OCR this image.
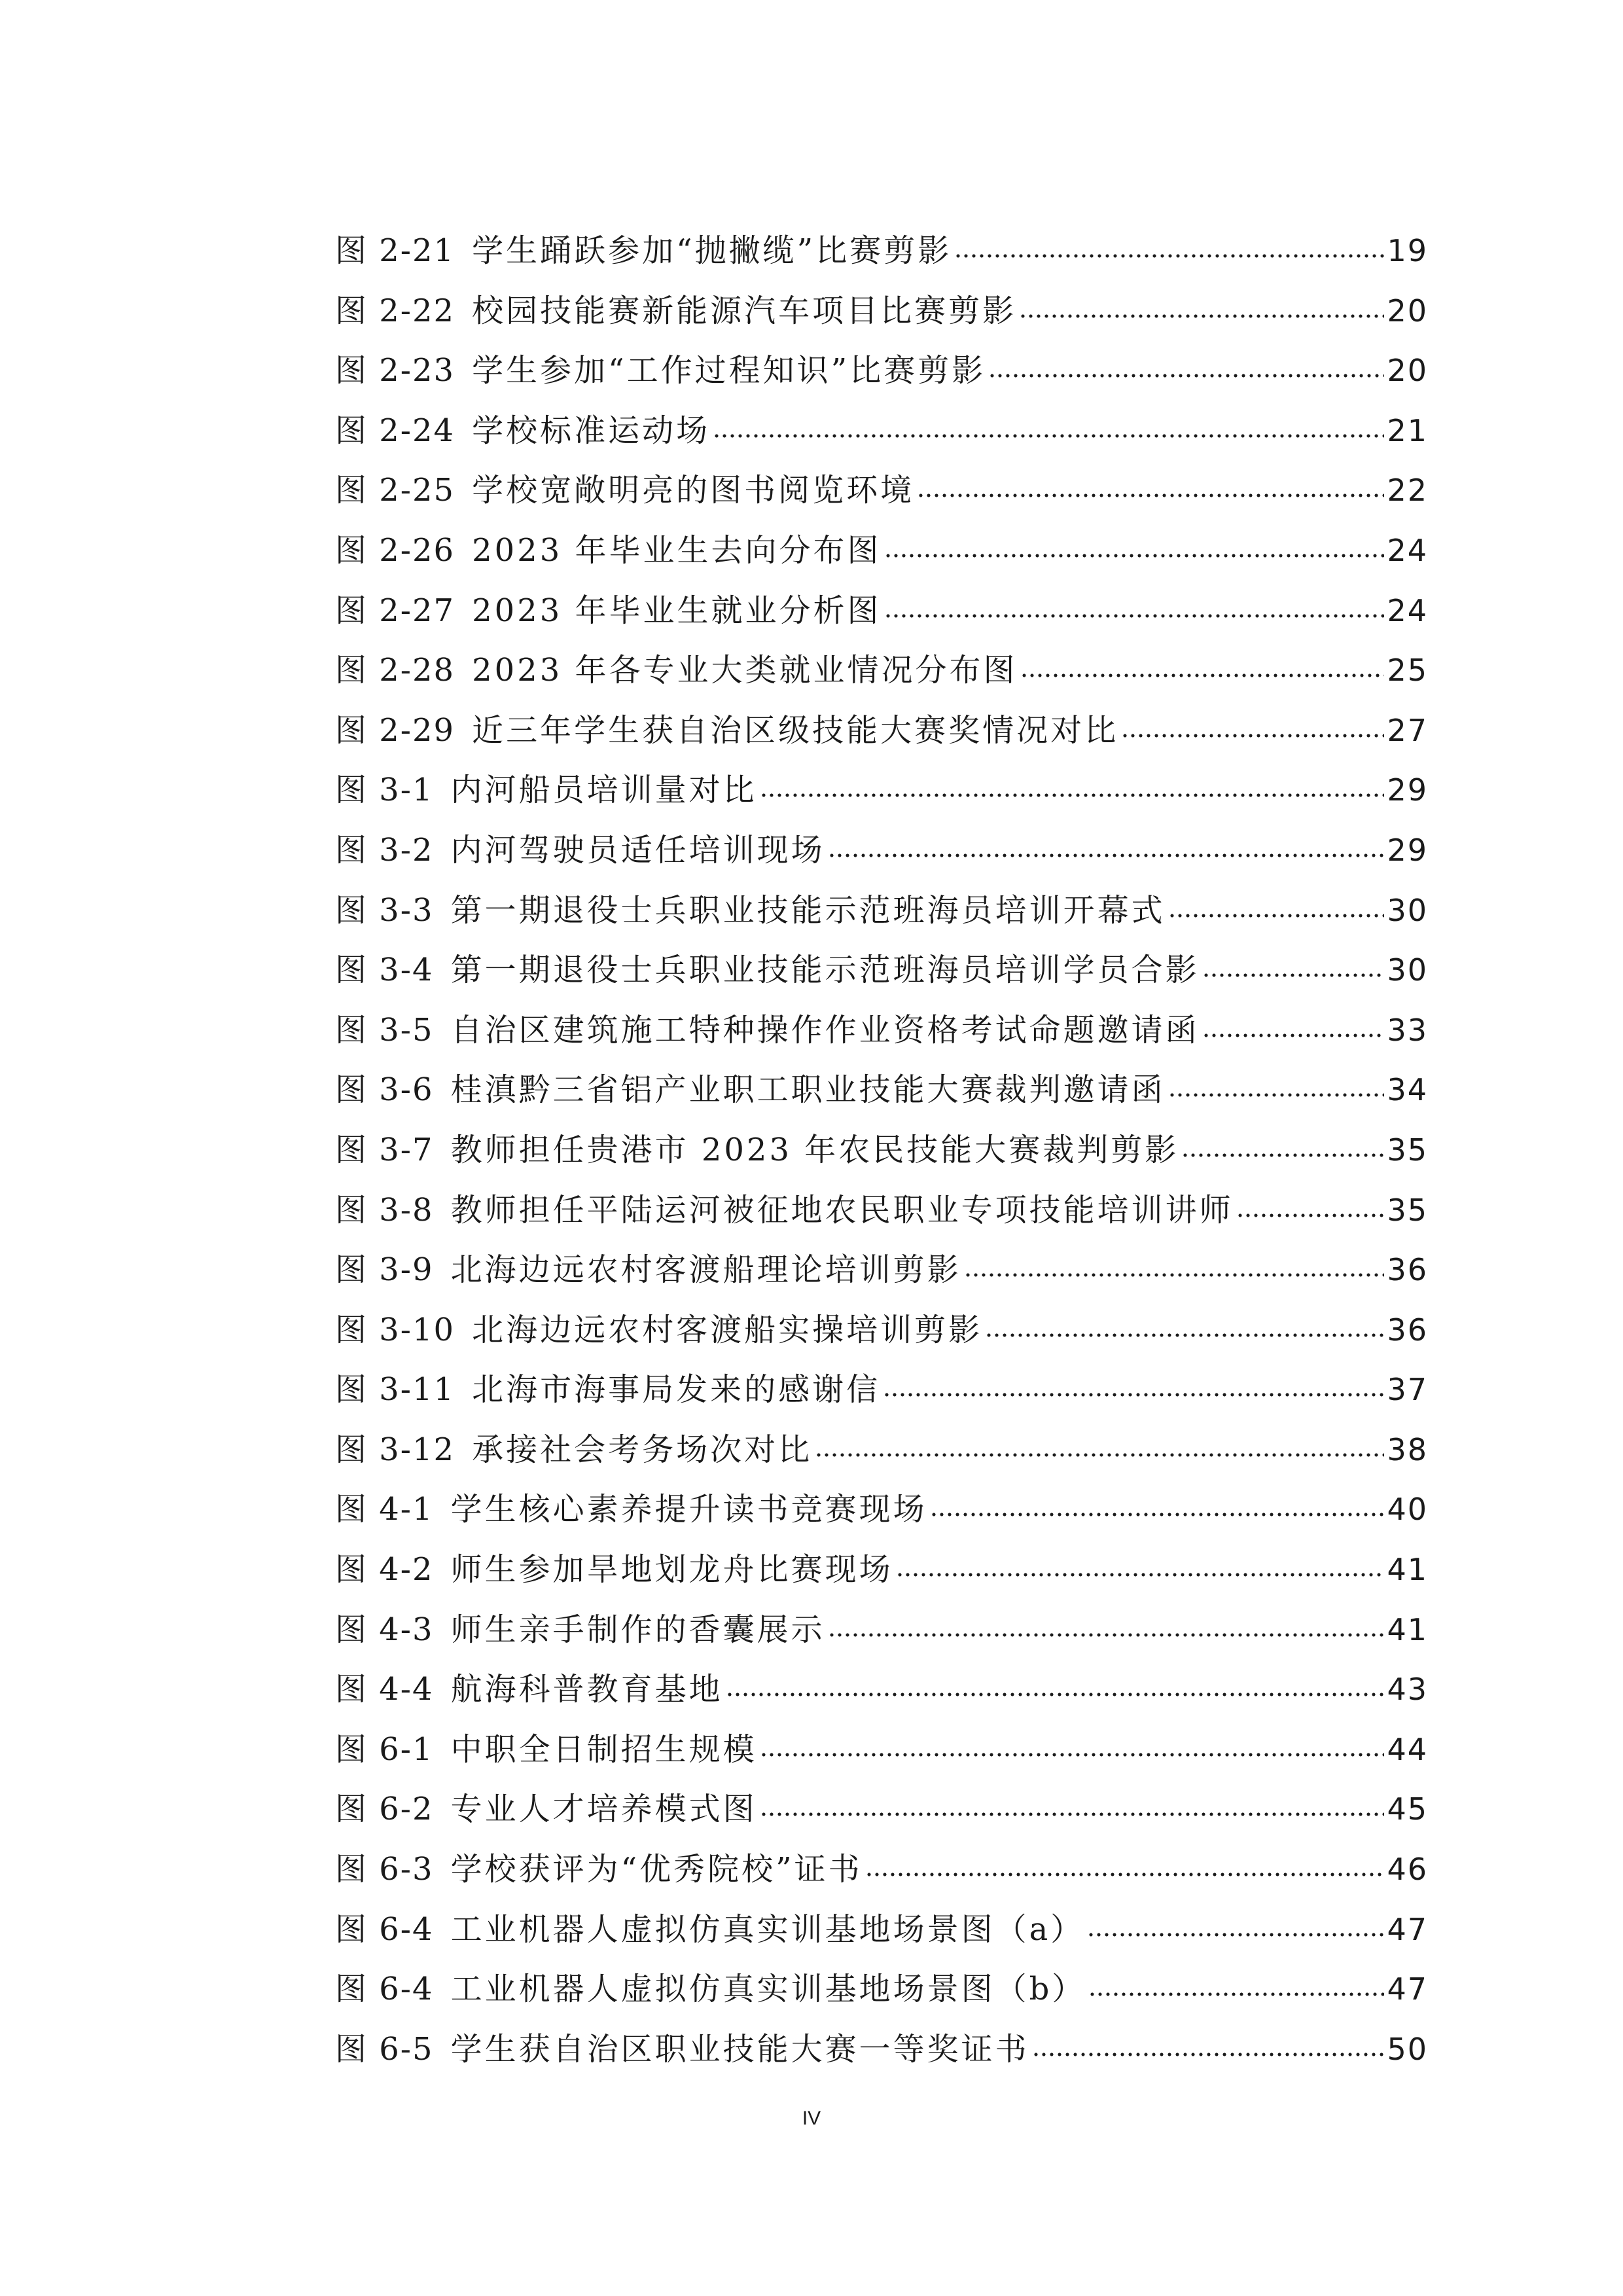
图 2-21 学生踊跃参加“抛撇缆”比赛剪影	19
图 2-22 校园技能赛新能源汽车项目比赛剪影	20
图 2-23 学生参加“工作过程知识”比赛剪影	20
图 2-24 学校标准运动场	21
图 2-25 学校宽敞明亮的图书阅览环境	22
图 2-26 2023 年毕业生去向分布图	24
图 2-27 2023 年毕业生就业分析图	24
图 2-28 2023 年各专业大类就业情况分布图	25
图 2-29 近三年学生获自治区级技能大赛奖情况对比	27
图 3-1 内河船员培训量对比	29
图 3-2 内河驾驶员适任培训现场	29
图 3-3 第一期退役士兵职业技能示范班海员培训开幕式	30
图 3-4 第一期退役士兵职业技能示范班海员培训学员合影	30
图 3-5 自治区建筑施工特种操作作业资格考试命题邀请函	33
图 3-6 桂滇黔三省铝产业职工职业技能大赛裁判邀请函	34
图 3-7 教师担任贵港市 2023 年农民技能大赛裁判剪影	35
图 3-8 教师担任平陆运河被征地农民职业专项技能培训讲师	35
图 3-9 北海边远农村客渡船理论培训剪影	36
图 3-10 北海边远农村客渡船实操培训剪影	36
图 3-11 北海市海事局发来的感谢信	37
图 3-12 承接社会考务场次对比	38
图 4-1 学生核心素养提升读书竞赛现场	40
图 4-2 师生参加旱地划龙舟比赛现场	41
图 4-3 师生亲手制作的香囊展示	41
图 4-4 航海科普教育基地	43
图 6-1 中职全日制招生规模	44
图 6-2 专业人才培养模式图	45
图 6-3 学校获评为“优秀院校”证书	46
图 6-4 工业机器人虚拟仿真实训基地场景图（a）	47
图 6-4 工业机器人虚拟仿真实训基地场景图（b）	47
图 6-5 学生获自治区职业技能大赛一等奖证书	50
IV
